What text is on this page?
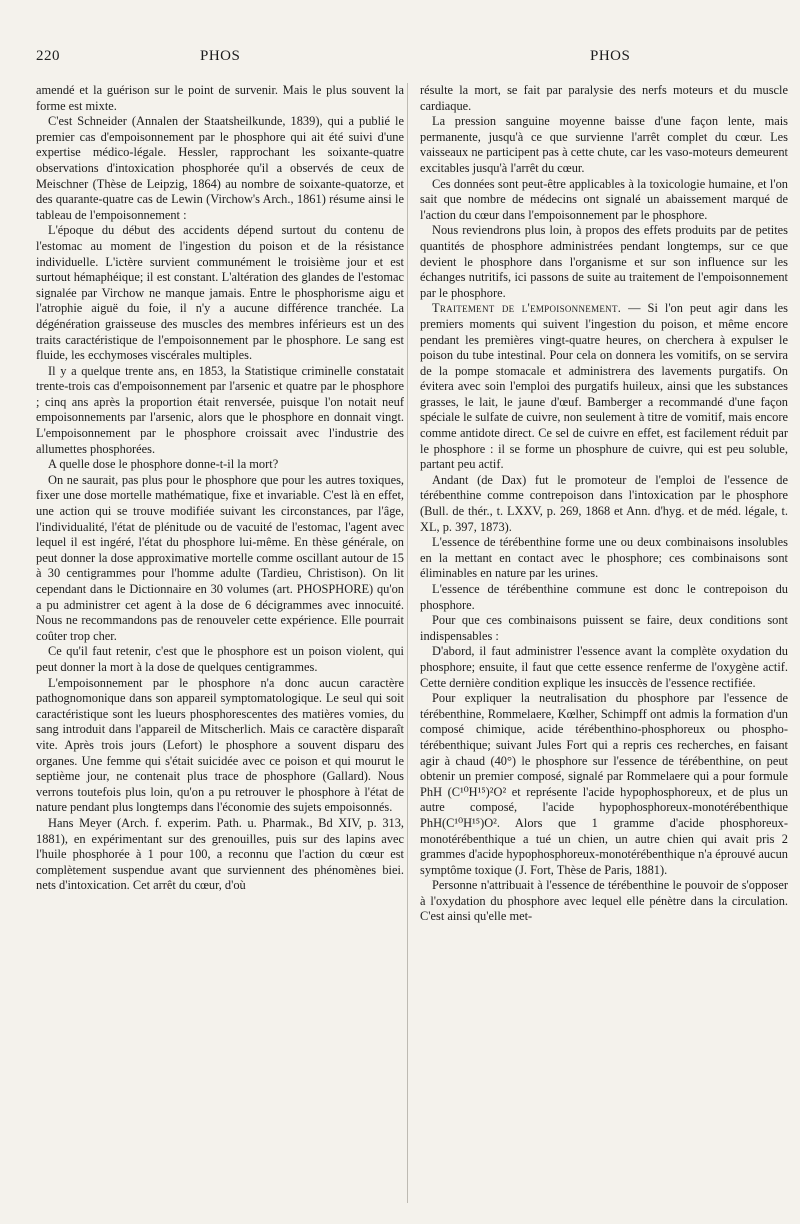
220	PHOS	PHOS

amendé et la guérison sur le point de survenir. Mais le plus souvent la forme est mixte.

C'est Schneider (Annalen der Staatsheilkunde, 1839), qui a publié le premier cas d'empoisonnement par le phosphore qui ait été suivi d'une expertise médico-légale. Hessler, rapprochant les soixante-quatre observations d'intoxication phosphorée qu'il a observés de ceux de Meischner (Thèse de Leipzig, 1864) au nombre de soixante-quatorze, et des quarante-quatre cas de Lewin (Virchow's Arch., 1861) résume ainsi le tableau de l'empoisonnement :

L'époque du début des accidents dépend surtout du contenu de l'estomac au moment de l'ingestion du poison et de la résistance individuelle. L'ictère survient communément le troisième jour et est surtout hémaphéique; il est constant. L'altération des glandes de l'estomac signalée par Virchow ne manque jamais. Entre le phosphorisme aigu et l'atrophie aiguë du foie, il n'y a aucune différence tranchée. La dégénération graisseuse des muscles des membres inférieurs est un des traits caractéristique de l'empoisonnement par le phosphore. Le sang est fluide, les ecchymoses viscérales multiples.

Il y a quelque trente ans, en 1853, la Statistique criminelle constatait trente-trois cas d'empoisonnement par l'arsenic et quatre par le phosphore ; cinq ans après la proportion était renversée, puisque l'on notait neuf empoisonnements par l'arsenic, alors que le phosphore en donnait vingt. L'empoisonnement par le phosphore croissait avec l'industrie des allumettes phosphorées.

A quelle dose le phosphore donne-t-il la mort?

On ne saurait, pas plus pour le phosphore que pour les autres toxiques, fixer une dose mortelle mathématique, fixe et invariable. C'est là en effet, une action qui se trouve modifiée suivant les circonstances, par l'âge, l'individualité, l'état de plénitude ou de vacuité de l'estomac, l'agent avec lequel il est ingéré, l'état du phosphore lui-même. En thèse générale, on peut donner la dose approximative mortelle comme oscillant autour de 15 à 30 centigrammes pour l'homme adulte (Tardieu, Christison). On lit cependant dans le Dictionnaire en 30 volumes (art. PHOSPHORE) qu'on a pu administrer cet agent à la dose de 6 décigrammes avec innocuité. Nous ne recommandons pas de renouveler cette expérience. Elle pourrait coûter trop cher.

Ce qu'il faut retenir, c'est que le phosphore est un poison violent, qui peut donner la mort à la dose de quelques centigrammes.

L'empoisonnement par le phosphore n'a donc aucun caractère pathognomonique dans son appareil symptomatologique. Le seul qui soit caractéristique sont les lueurs phosphorescentes des matières vomies, du sang introduit dans l'appareil de Mitscherlich. Mais ce caractère disparaît vite. Après trois jours (Lefort) le phosphore a souvent disparu des organes. Une femme qui s'était suicidée avec ce poison et qui mourut le septième jour, ne contenait plus trace de phosphore (Gallard). Nous verrons toutefois plus loin, qu'on a pu retrouver le phosphore à l'état de nature pendant plus longtemps dans l'économie des sujets empoisonnés.

Hans Meyer (Arch. f. experim. Path. u. Pharmak., Bd XIV, p. 313, 1881), en expérimentant sur des grenouilles, puis sur des lapins avec l'huile phosphorée à 1 pour 100, a reconnu que l'action du cœur est complètement suspendue avant que surviennent des phénomènes biei. nets d'intoxication. Cet arrêt du cœur, d'où

résulte la mort, se fait par paralysie des nerfs moteurs et du muscle cardiaque.

La pression sanguine moyenne baisse d'une façon lente, mais permanente, jusqu'à ce que survienne l'arrêt complet du cœur. Les vaisseaux ne participent pas à cette chute, car les vaso-moteurs demeurent excitables jusqu'à l'arrêt du cœur.

Ces données sont peut-être applicables à la toxicologie humaine, et l'on sait que nombre de médecins ont signalé un abaissement marqué de l'action du cœur dans l'empoisonnement par le phosphore.

Nous reviendrons plus loin, à propos des effets produits par de petites quantités de phosphore administrées pendant longtemps, sur ce que devient le phosphore dans l'organisme et sur son influence sur les échanges nutritifs, ici passons de suite au traitement de l'empoisonnement par le phosphore.

Traitement de l'empoisonnement. — Si l'on peut agir dans les premiers moments qui suivent l'ingestion du poison, et même encore pendant les premières vingt-quatre heures, on cherchera à expulser le poison du tube intestinal. Pour cela on donnera les vomitifs, on se servira de la pompe stomacale et administrera des lavements purgatifs. On évitera avec soin l'emploi des purgatifs huileux, ainsi que les substances grasses, le lait, le jaune d'œuf. Bamberger a recommandé d'une façon spéciale le sulfate de cuivre, non seulement à titre de vomitif, mais encore comme antidote direct. Ce sel de cuivre en effet, est facilement réduit par le phosphore : il se forme un phosphure de cuivre, qui est peu soluble, partant peu actif.

Andant (de Dax) fut le promoteur de l'emploi de l'essence de térébenthine comme contrepoison dans l'intoxication par le phosphore (Bull. de thér., t. LXXV, p. 269, 1868 et Ann. d'hyg. et de méd. légale, t. XL, p. 397, 1873).

L'essence de térébenthine forme une ou deux combinaisons insolubles en la mettant en contact avec le phosphore; ces combinaisons sont éliminables en nature par les urines.

L'essence de térébenthine commune est donc le contrepoison du phosphore.

Pour que ces combinaisons puissent se faire, deux conditions sont indispensables :

D'abord, il faut administrer l'essence avant la complète oxydation du phosphore; ensuite, il faut que cette essence renferme de l'oxygène actif. Cette dernière condition explique les insuccès de l'essence rectifiée.

Pour expliquer la neutralisation du phosphore par l'essence de térébenthine, Rommelaere, Kœlher, Schimpff ont admis la formation d'un composé chimique, acide térébenthino-phosphoreux ou phospho-térébenthique; suivant Jules Fort qui a repris ces recherches, en faisant agir à chaud (40°) le phosphore sur l'essence de térébenthine, on peut obtenir un premier composé, signalé par Rommelaere qui a pour formule PhH (C¹⁰H¹⁵)²O² et représente l'acide hypophosphoreux, et de plus un autre composé, l'acide hypophosphoreux-monotérébenthique PhH(C¹⁰H¹⁵)O². Alors que 1 gramme d'acide phosphoreux-monotérébenthique a tué un chien, un autre chien qui avait pris 2 grammes d'acide hypophosphoreux-monotérébenthique n'a éprouvé aucun symptôme toxique (J. Fort, Thèse de Paris, 1881).

Personne n'attribuait à l'essence de térébenthine le pouvoir de s'opposer à l'oxydation du phosphore avec lequel elle pénètre dans la circulation. C'est ainsi qu'elle met-
